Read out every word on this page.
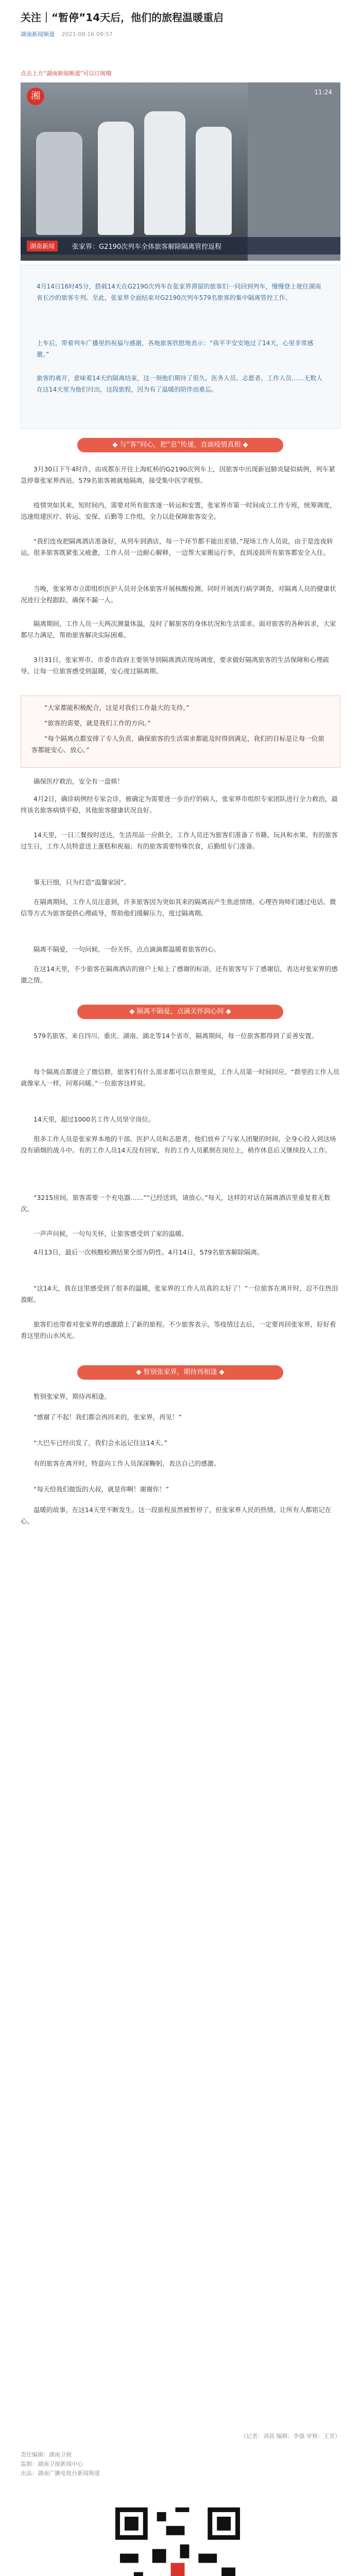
关注｜“暂停”14天后，他们的旅程温暖重启
湖南新闻频道 2021-08-16 09:57
点击上方“湖南新闻频道”可以订阅哦
湘	11:24
湖南新闻	张家界：G2190次列车全体旅客解除隔离管控返程

4月14日16时45分，搭载14天在G2190次列车在张家界滞留的旅客们一同回到列车，慢慢登上驶往湖南省长沙的旅客专列。至此，张家界全面结束对G2190次列车579名旅客的集中隔离管控工作。

上车后，带着列车广播里的祝福与感谢，各地旅客欣慰地表示：“我平平安安地过了14天，心里非常感激。”

旅客的离开，意味着14天的隔离结束，这一刻他们期待了很久。医务人员、志愿者、工作人员……无数人在这14天里为他们付出，这段旅程，因为有了温暖的陪伴而难忘。

◆ 与“客”同心，把“息”传递，直面疫情真相 ◆

3月30日下午4时许，由成都东开往上海虹桥的G2190次列车上，因旅客中出现新冠肺炎疑似病例，列车紧急停靠张家界西站。579名旅客被就地隔离，接受集中医学观察。

疫情突如其来，短时间内，需要对所有旅客逐一转运和安置，张家界市第一时间成立工作专班，统筹调度，迅速组建医疗、转运、安保、后勤等工作组，全力以赴保障旅客安全。

“我们连夜把隔离酒店准备好，从列车到酒店，每一个环节都不能出差错。”现场工作人员说，由于是连夜转运，很多旅客既紧张又疲惫，工作人员一边耐心解释，一边帮大家搬运行李，直到凌晨所有旅客都安全入住。

当晚，张家界市立即组织医护人员对全体旅客开展核酸检测，同时开展流行病学调查，对隔离人员的健康状况进行全程跟踪，确保不漏一人。

隔离期间，工作人员一天两次测量体温，及时了解旅客的身体状况和生活需求。面对旅客的各种诉求，大家都尽力满足，帮助旅客解决实际困难。

3月31日，张家界市、市委市政府主要领导到隔离酒店现场调度，要求做好隔离旅客的生活保障和心理疏导，让每一位旅客感受到温暖，安心度过隔离期。

“大家都能积极配合，这是对我们工作最大的支持。”

“旅客的需要，就是我们工作的方向。”

“每个隔离点都安排了专人负责，确保旅客的生活需求都能及时得到满足，我们的目标是让每一位旅客都能安心、放心。”

确保医疗救治，安全有一盘棋！

4月2日，确诊病例经专家会诊，被确定为需要进一步治疗的病人，张家界市组织专家团队进行全力救治，最终该名旅客病情平稳，其他旅客健康状况良好。

14天里，一日三餐按时送达，生活用品一应俱全，工作人员还为旅客们准备了书籍、玩具和水果。有的旅客过生日，工作人员特意送上蛋糕和祝福；有的旅客需要特殊饮食，后勤组专门准备。

事无巨细，只为打造“温馨家园”。

在隔离期间，工作人员注意到，许多旅客因为突如其来的隔离而产生焦虑情绪。心理咨询师们通过电话、微信等方式为旅客提供心理疏导，帮助他们缓解压力，度过隔离期。

隔离不隔爱，一句问候，一份关怀，点点滴滴都温暖着旅客的心。

在这14天里，不少旅客在隔离酒店的窗户上贴上了感谢的标语，还有旅客写下了感谢信，表达对张家界的感激之情。

◆ 隔离不隔爱，点滴关怀润心间 ◆

579名旅客，来自四川、重庆、湖南、湖北等14个省市，隔离期间，每一位旅客都得到了妥善安置。

每个隔离点都建立了微信群，旅客们有什么需求都可以在群里说，工作人员第一时间回应。“群里的工作人员就像家人一样，问寒问暖。”一位旅客这样说。

14天里，超过1000名工作人员坚守岗位。

很多工作人员是张家界本地的干部、医护人员和志愿者，他们放弃了与家人团聚的时间，全身心投入到这场没有硝烟的战斗中。有的工作人员14天没有回家，有的工作人员累倒在岗位上，稍作休息后又继续投入工作。

“3215房间，旅客需要一个充电器……”“已经送到，请放心。”每天，这样的对话在隔离酒店里重复着无数次。

一声声问候，一句句关怀，让旅客感受到了家的温暖。

4月13日，最后一次核酸检测结果全部为阴性。4月14日，579名旅客解除隔离。

“这14天，我在这里感受到了很多的温暖，张家界的工作人员真的太好了！”一位旅客在离开时，忍不住热泪盈眶。

旅客们也带着对张家界的感激踏上了新的旅程。不少旅客表示，等疫情过去后，一定要再回张家界，好好看看这里的山水风光。

◆ 暂别张家界，期待再相逢 ◆

暂别张家界，期待再相逢。

“感谢了不起！我们都会再回来的，张家界，再见！”

“大巴车已经出发了，我们会永远记住这14天。”

有的旅客在离开时，特意向工作人员深深鞠躬，表达自己的感激。

“每天给我们做饭的大叔，就是你啊！谢谢你！”

温暖的故事，在这14天里不断发生。这一段旅程虽然被暂停了，但张家界人民的热情，让所有人都铭记在心。

（记者：刘晨 编辑：李强 审核：王芳）
责任编辑：湖南卫视
监制：湖南卫视新闻中心
出品：湖南广播电视台新闻频道
